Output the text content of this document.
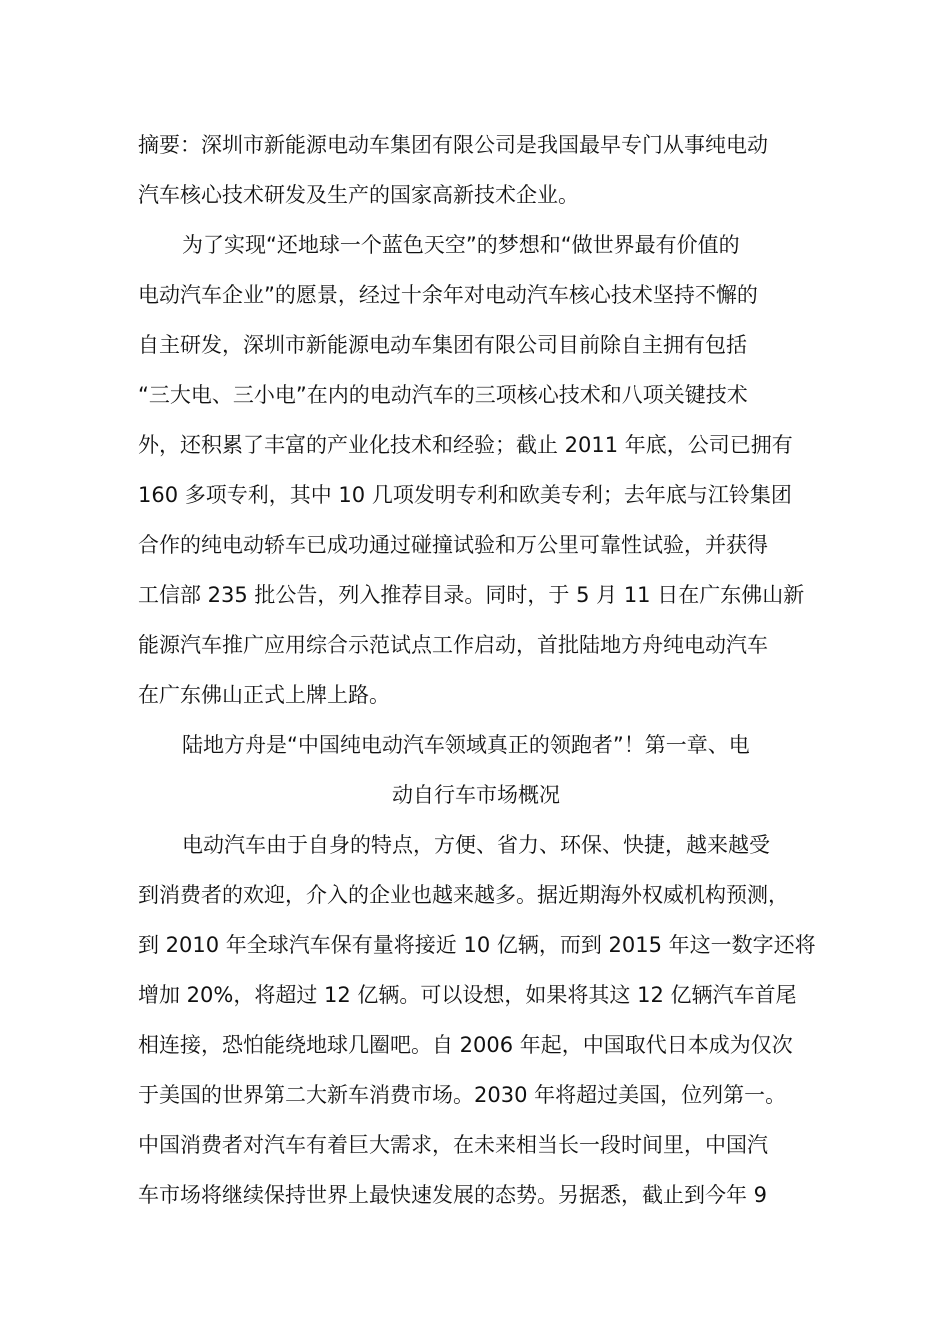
摘要：深圳市新能源电动车集团有限公司是我国最早专门从事纯电动
汽车核心技术研发及生产的国家高新技术企业。
为了实现“还地球一个蓝色天空”的梦想和“做世界最有价值的
电动汽车企业”的愿景，经过十余年对电动汽车核心技术坚持不懈的
自主研发，深圳市新能源电动车集团有限公司目前除自主拥有包括
“三大电、三小电”在内的电动汽车的三项核心技术和八项关键技术
外，还积累了丰富的产业化技术和经验；截止 2011 年底，公司已拥有
160 多项专利，其中 10 几项发明专利和欧美专利；去年底与江铃集团
合作的纯电动轿车已成功通过碰撞试验和万公里可靠性试验，并获得
工信部 235 批公告，列入推荐目录。同时，于 5 月 11 日在广东佛山新
能源汽车推广应用综合示范试点工作启动，首批陆地方舟纯电动汽车
在广东佛山正式上牌上路。
陆地方舟是“中国纯电动汽车领域真正的领跑者”！第一章、电
动自行车市场概况
电动汽车由于自身的特点，方便、省力、环保、快捷，越来越受
到消费者的欢迎，介入的企业也越来越多。据近期海外权威机构预测，
到 2010 年全球汽车保有量将接近 10 亿辆，而到 2015 年这一数字还将
增加 20%，将超过 12 亿辆。可以设想，如果将其这 12 亿辆汽车首尾
相连接，恐怕能绕地球几圈吧。自 2006 年起，中国取代日本成为仅次
于美国的世界第二大新车消费市场。2030 年将超过美国，位列第一。
中国消费者对汽车有着巨大需求，在未来相当长一段时间里，中国汽
车市场将继续保持世界上最快速发展的态势。另据悉，截止到今年 9
